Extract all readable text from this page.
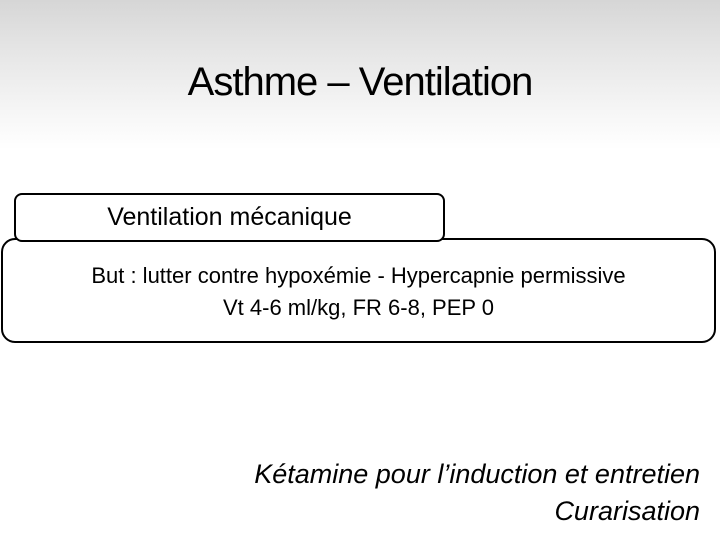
Asthme – Ventilation
Ventilation mécanique
But : lutter contre hypoxémie - Hypercapnie permissive
Vt 4-6 ml/kg, FR 6-8, PEP 0
Kétamine pour l’induction et entretien
Curarisation
